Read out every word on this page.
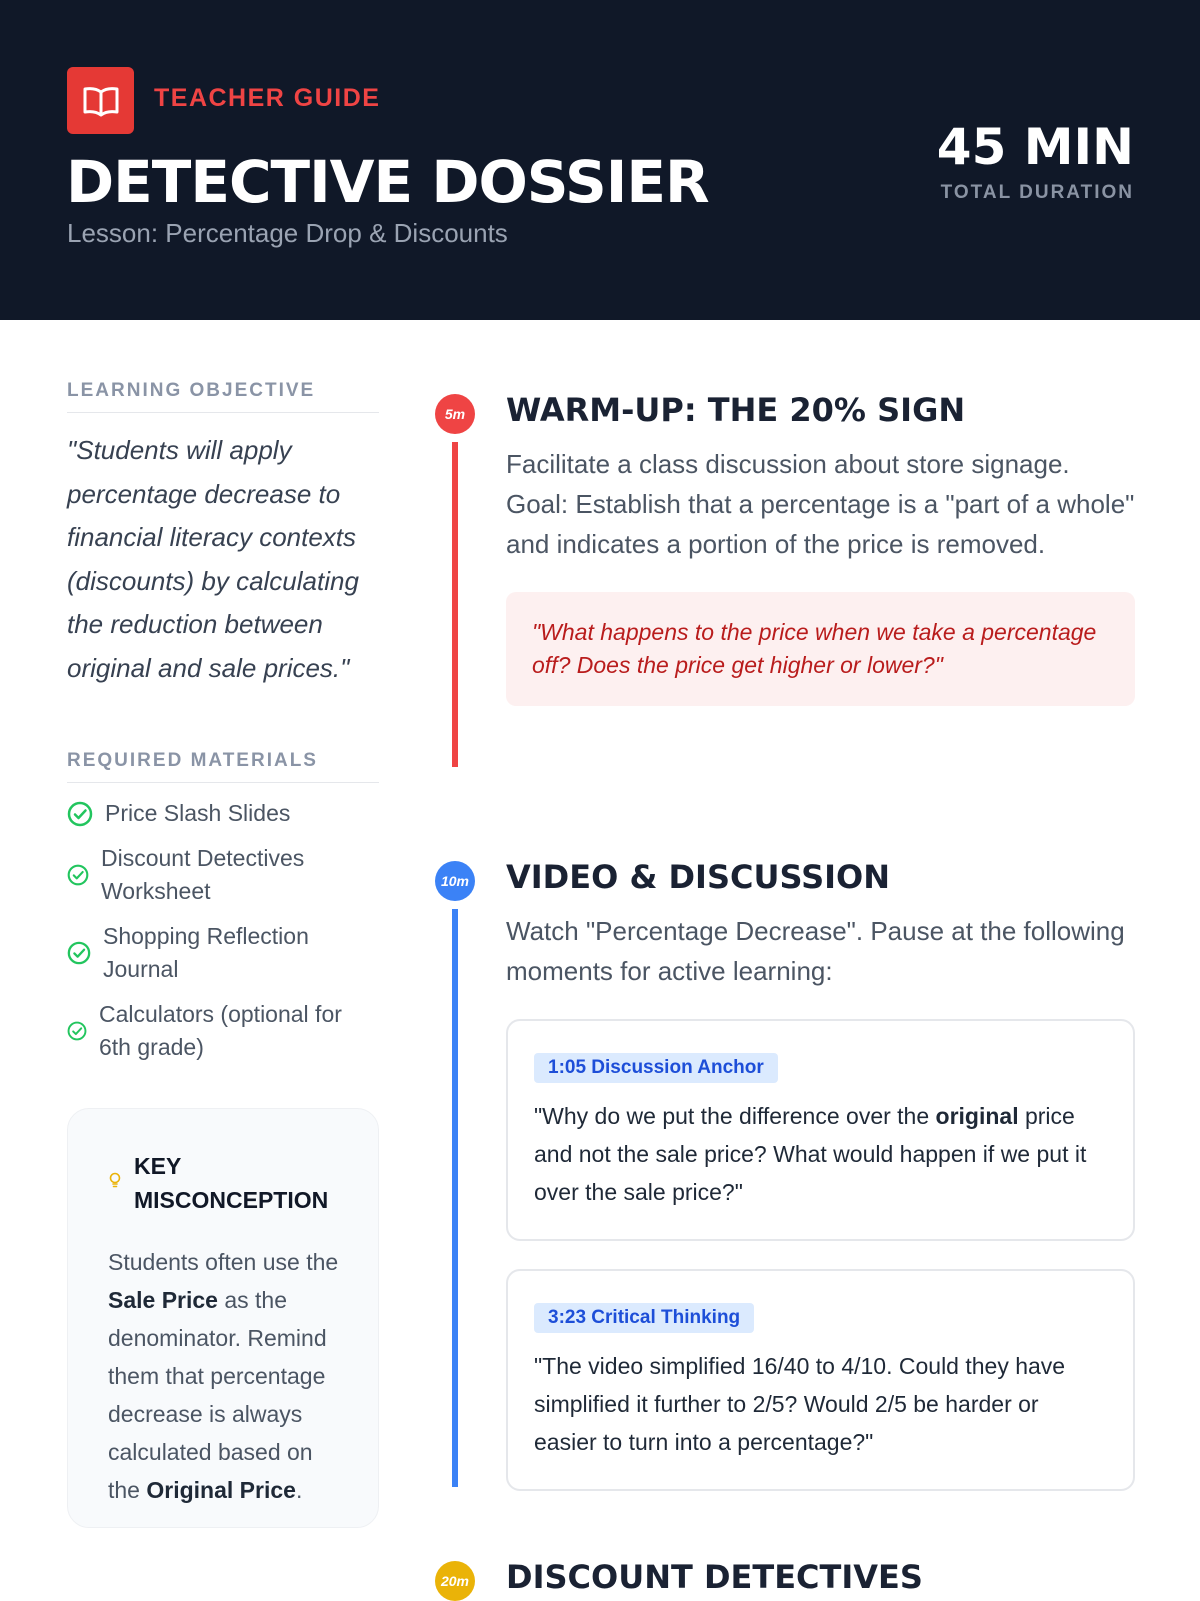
TEACHER GUIDE
DETECTIVE DOSSIER
Lesson: Percentage Drop & Discounts
45 MIN
TOTAL DURATION
LEARNING OBJECTIVE

"Students will apply percentage decrease to financial literacy contexts (discounts) by calculating the reduction between original and sale prices."

REQUIRED MATERIALS
Price Slash Slides
Discount Detectives Worksheet
Shopping Reflection Journal
Calculators (optional for 6th grade)
KEY MISCONCEPTION

Students often use the Sale Price as the denominator. Remind them that percentage decrease is always calculated based on the Original Price.

5m	WARM-UP: THE 20% SIGN

Facilitate a class discussion about store signage. Goal: Establish that a percentage is a "part of a whole" and indicates a portion of the price is removed.

"What happens to the price when we take a percentage off? Does the price get higher or lower?"
10m VIDEO & DISCUSSION

Watch "Percentage Decrease". Pause at the following moments for active learning:

1:05 Discussion Anchor

"Why do we put the difference over the original price and not the sale price? What would happen if we put it over the sale price?"

3:23 Critical Thinking

"The video simplified 16/40 to 4/10. Could they have simplified it further to 2/5? Would 2/5 be harder or easier to turn into a percentage?"

20m DISCOUNT DETECTIVES
